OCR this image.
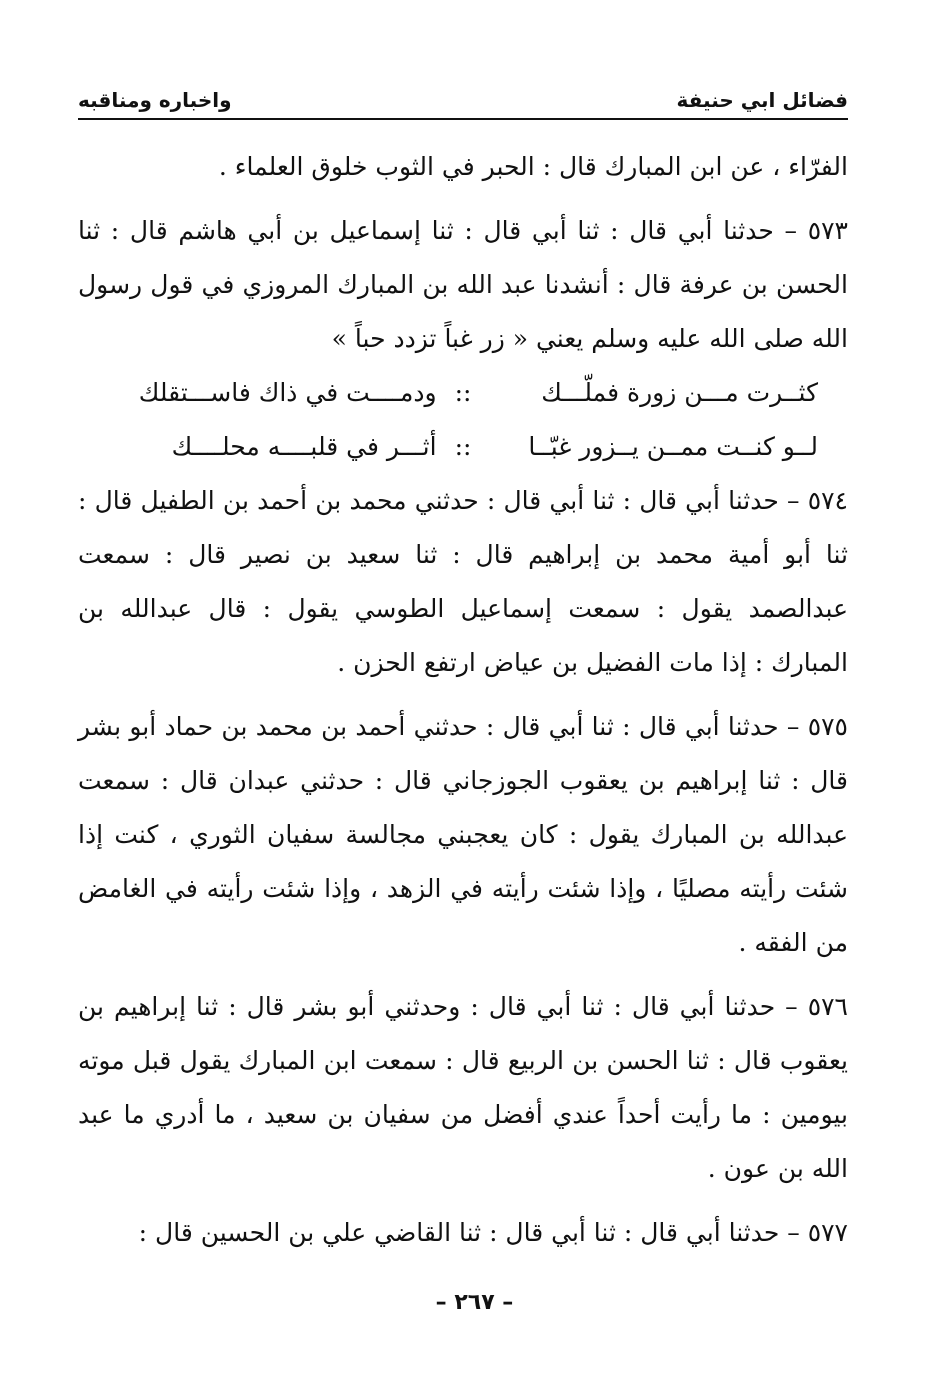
فضائل ابي حنيفة
واخباره ومناقبه

الفرّاء ، عن ابن المبارك قال : الحبر في الثوب خلوق العلماء .

٥٧٣ – حدثنا أبي قال : ثنا أبي قال : ثنا إسماعيل بن أبي هاشم قال : ثنا الحسن بن عرفة قال : أنشدنا عبد الله بن المبارك المروزي في قول رسول الله صلى الله عليه وسلم يعني « زر غباً تزدد حباً »

كثــرت مـــن زورة فملّـــك
::
ودمــــت في ذاك فاســـتقلك
لــو كنــت ممــن يــزور غبّــا
::
أثـــر في قلبــــه محلــــك

٥٧٤ – حدثنا أبي قال : ثنا أبي قال : حدثني محمد بن أحمد بن الطفيل قال : ثنا أبو أمية محمد بن إبراهيم قال : ثنا سعيد بن نصير قال : سمعت عبدالصمد يقول : سمعت إسماعيل الطوسي يقول : قال عبدالله بن المبارك : إذا مات الفضيل بن عياض ارتفع الحزن .

٥٧٥ – حدثنا أبي قال : ثنا أبي قال : حدثني أحمد بن محمد بن حماد أبو بشر قال : ثنا إبراهيم بن يعقوب الجوزجاني قال : حدثني عبدان قال : سمعت عبدالله بن المبارك يقول : كان يعجبني مجالسة سفيان الثوري ، كنت إذا شئت رأيته مصليًا ، وإذا شئت رأيته في الزهد ، وإذا شئت رأيته في الغامض من الفقه .

٥٧٦ – حدثنا أبي قال : ثنا أبي قال : وحدثني أبو بشر قال : ثنا إبراهيم بن يعقوب قال : ثنا الحسن بن الربيع قال : سمعت ابن المبارك يقول قبل موته بيومين : ما رأيت أحداً عندي أفضل من سفيان بن سعيد ، ما أدري ما عبد الله بن عون .

٥٧٧ – حدثنا أبي قال : ثنا أبي قال : ثنا القاضي علي بن الحسين قال :

– ٢٦٧ –
